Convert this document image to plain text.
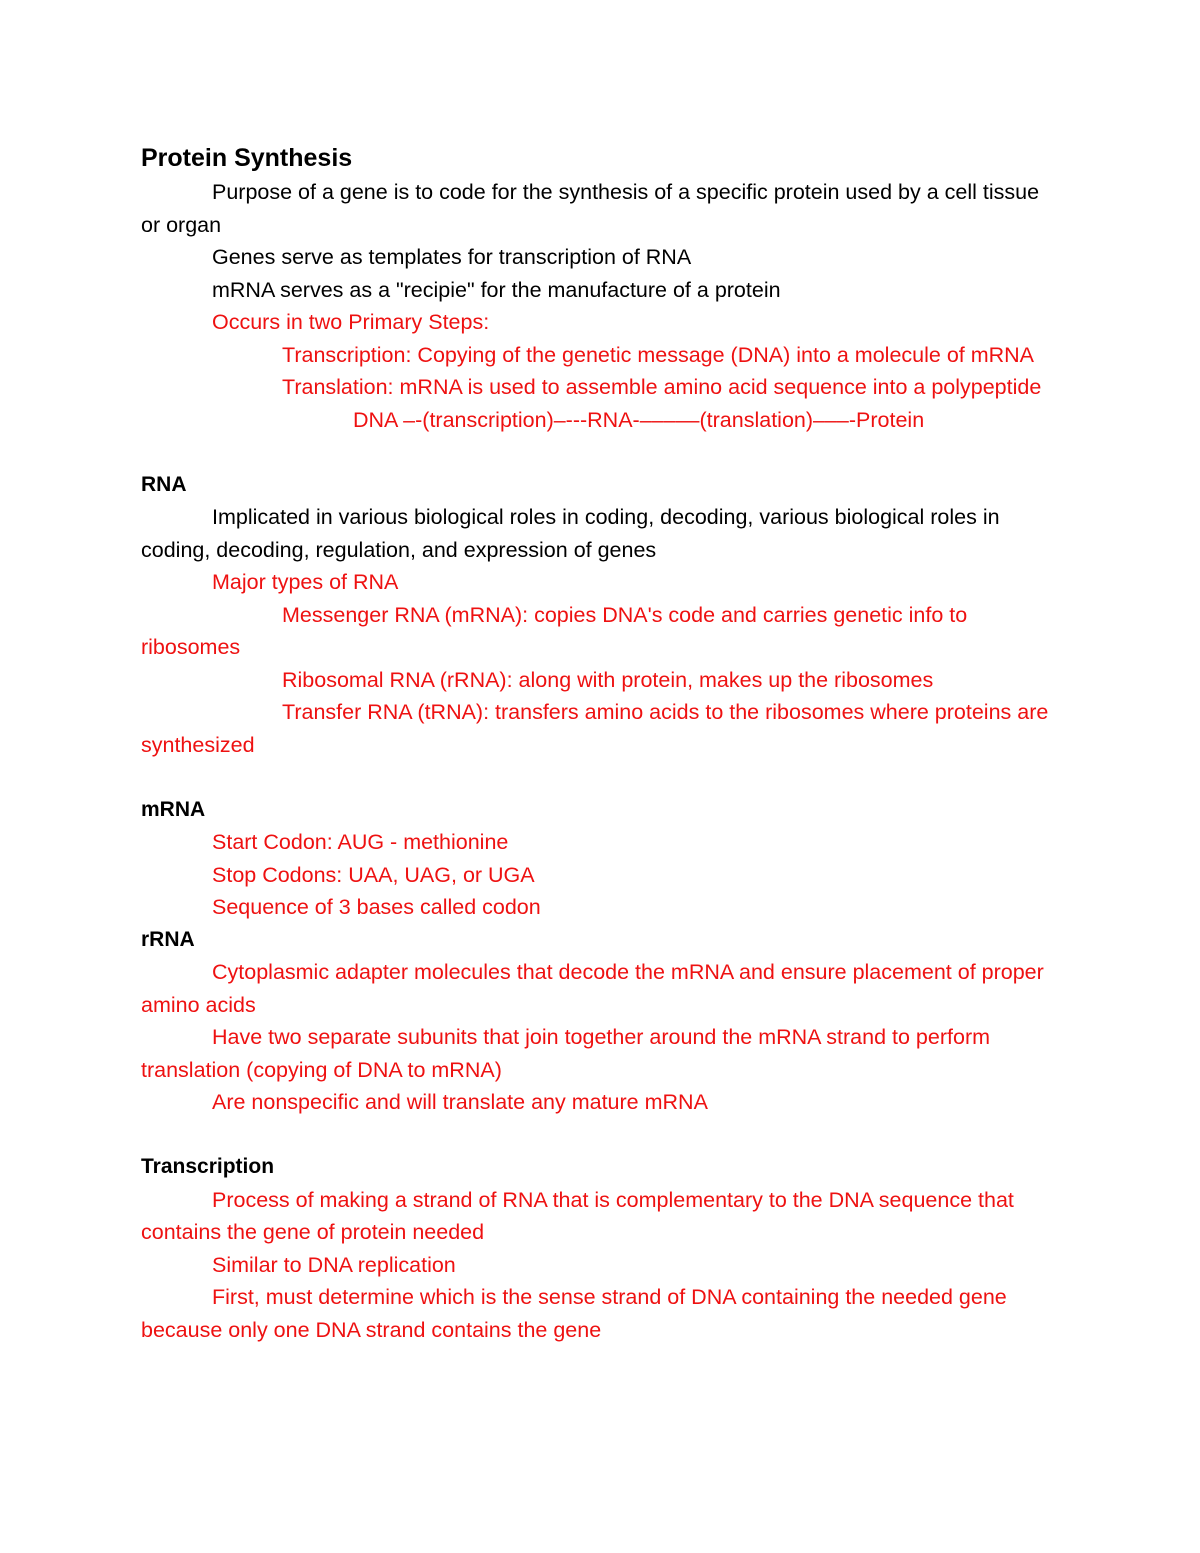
Protein Synthesis

Purpose of a gene is to code for the synthesis of a specific protein used by a cell tissue or organ

Genes serve as templates for transcription of RNA

mRNA serves as a "recipie" for the manufacture of a protein

Occurs in two Primary Steps:

Transcription: Copying of the genetic message (DNA) into a molecule of mRNA

Translation: mRNA is used to assemble amino acid sequence into a polypeptide

DNA –-(transcription)–---RNA-–––––(translation)–––-Protein

RNA

Implicated in various biological roles in coding, decoding, various biological roles in coding, decoding, regulation, and expression of genes

Major types of RNA

Messenger RNA (mRNA): copies DNA's code and carries genetic info to ribosomes

Ribosomal RNA (rRNA): along with protein, makes up the ribosomes

Transfer RNA (tRNA): transfers amino acids to the ribosomes where proteins are synthesized

mRNA

Start Codon: AUG - methionine

Stop Codons: UAA, UAG, or UGA

Sequence of 3 bases called codon

rRNA

Cytoplasmic adapter molecules that decode the mRNA and ensure placement of proper amino acids

Have two separate subunits that join together around the mRNA strand to perform translation (copying of DNA to mRNA)

Are nonspecific and will translate any mature mRNA

Transcription

Process of making a strand of RNA that is complementary to the DNA sequence that contains the gene of protein needed

Similar to DNA replication

First, must determine which is the sense strand of DNA containing the needed gene because only one DNA strand contains the gene
